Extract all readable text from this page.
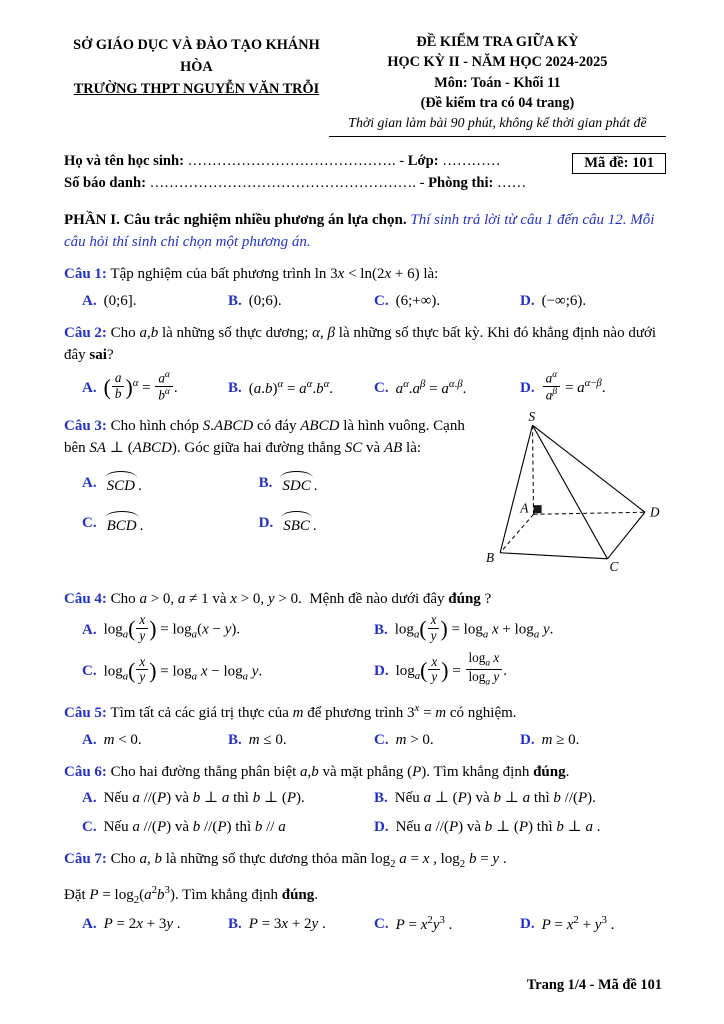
SỞ GIÁO DỤC VÀ ĐÀO TẠO KHÁNH HÒA
TRƯỜNG THPT NGUYỄN VĂN TRỖI
ĐỀ KIỂM TRA GIỮA KỲ
HỌC KỲ II - NĂM HỌC 2024-2025
Môn: Toán - Khối 11
(Đề kiểm tra có 04 trang)
Thời gian làm bài 90 phút, không kể thời gian phát đề
Họ và tên học sinh: ……………………………………. - Lớp: …………
Số báo danh: ………………………………………………. - Phòng thi: ……
Mã đề: 101
PHẦN I. Câu trắc nghiệm nhiều phương án lựa chọn. Thí sinh trả lời từ câu 1 đến câu 12. Mỗi câu hỏi thí sinh chỉ chọn một phương án.

Câu 1: Tập nghiệm của bất phương trình ln 3x < ln(2x + 6) là:

A. (0;6].	B. (0;6).	C. (6;+∞).	D. (−∞;6).

Câu 2: Cho a,b là những số thực dương; α, β là những số thực bất kỳ. Khi đó khẳng định nào dưới đây sai?

A. ( $\frac{a}{b} )^\alpha = \frac{a^\alpha}{b^\alpha}$ .	B. $(a.b)^\alpha = a^\alpha.b^\alpha$.	C. $a^\alpha.a^\beta = a^{\alpha.\beta}$.	D. $\frac{a^\alpha}{a^\beta} = a^{\alpha-\beta}$.

Câu 3: Cho hình chóp S.ABCD có đáy ABCD là hình vuông. Cạnh bên SA ⊥ (ABCD). Góc giữa hai đường thẳng SC và AB là:

A. SCD .	B. SDC .
C. BCD .	D. SBC .
S
A
B
C
D

Câu 4: Cho a > 0, a ≠ 1 và x > 0, y > 0.  Mệnh đề nào dưới đây đúng ?

A. $\log_a( \frac{x}{y}$ ) = $\log_a(x - y)$.	B. $\log_a( \frac{x}{y}$ ) = $\log_a x + \log_a y$.
C. $\log_a( \frac{x}{y}$ ) = $\log_a x - \log_a y$.	D. $\log_a( \frac{x}{y}$ ) = $\frac{\log_a x}{\log_a y}$ .

Câu 5: Tìm tất cả các giá trị thực của m để phương trình $3^x = m$ có nghiệm.

A. m < 0.	B. m ≤ 0.	C. m > 0.	D. m ≥ 0.

Câu 6: Cho hai đường thẳng phân biệt a,b và mặt phẳng (P). Tìm khẳng định đúng.

A. Nếu a //(P) và b ⊥ a thì b ⊥ (P).	B. Nếu a ⊥ (P) và b ⊥ a thì b //(P).
C. Nếu a //(P) và b //(P) thì b // a	D. Nếu a //(P) và b ⊥ (P) thì b ⊥ a .

Câu 7: Cho a, b là những số thực dương thỏa mãn $\log_2 a = x$ , $\log_2 b = y$ .

Đặt $P = \log_2(a^2b^3)$. Tìm khẳng định đúng.

A. P = 2x + 3y .	B. P = 3x + 2y .	C. $P = x^2y^3$ .	D. $P = x^2 + y^3$ .
Trang 1/4 - Mã đề 101
